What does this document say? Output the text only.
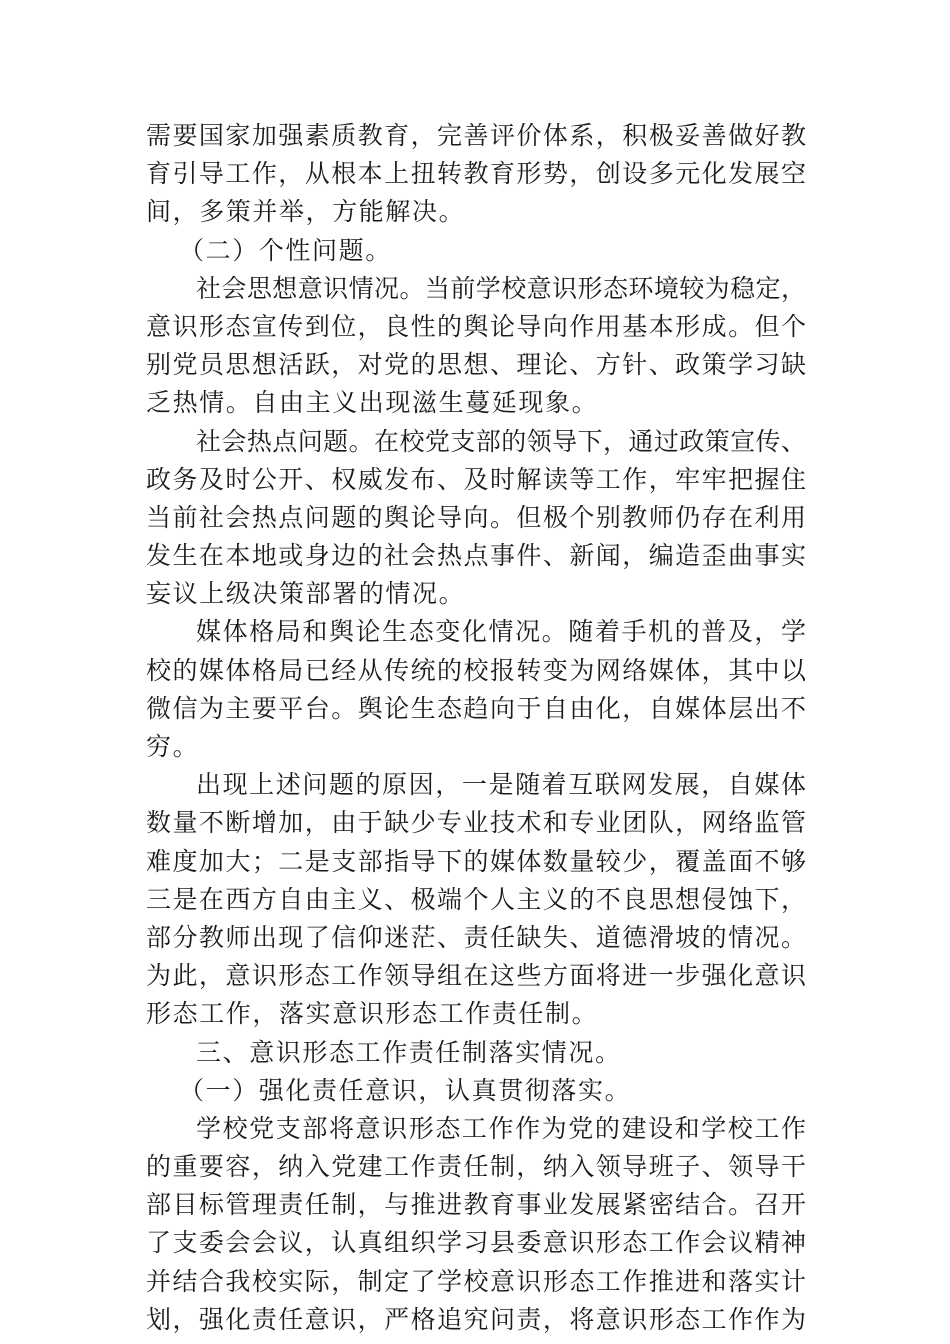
需要国家加强素质教育，完善评价体系，积极妥善做好教
育引导工作，从根本上扭转教育形势，创设多元化发展空
间，多策并举，方能解决。
（二）个性问题。
社会思想意识情况。当前学校意识形态环境较为稳定，
意识形态宣传到位，良性的舆论导向作用基本形成。但个
别党员思想活跃，对党的思想、理论、方针、政策学习缺
乏热情。自由主义出现滋生蔓延现象。
社会热点问题。在校党支部的领导下，通过政策宣传、
政务及时公开、权威发布、及时解读等工作，牢牢把握住
当前社会热点问题的舆论导向。但极个别教师仍存在利用
发生在本地或身边的社会热点事件、新闻，编造歪曲事实
妄议上级决策部署的情况。
媒体格局和舆论生态变化情况。随着手机的普及，学
校的媒体格局已经从传统的校报转变为网络媒体，其中以
微信为主要平台。舆论生态趋向于自由化，自媒体层出不
穷。
出现上述问题的原因，一是随着互联网发展，自媒体
数量不断增加，由于缺少专业技术和专业团队，网络监管
难度加大；二是支部指导下的媒体数量较少，覆盖面不够
三是在西方自由主义、极端个人主义的不良思想侵蚀下，
部分教师出现了信仰迷茫、责任缺失、道德滑坡的情况。
为此，意识形态工作领导组在这些方面将进一步强化意识
形态工作，落实意识形态工作责任制。
三、意识形态工作责任制落实情况。
（一）强化责任意识，认真贯彻落实。
学校党支部将意识形态工作作为党的建设和学校工作
的重要容，纳入党建工作责任制，纳入领导班子、领导干
部目标管理责任制，与推进教育事业发展紧密结合。召开
了支委会会议，认真组织学习县委意识形态工作会议精神
并结合我校实际，制定了学校意识形态工作推进和落实计
划，强化责任意识，严格追究问责，将意识形态工作作为
